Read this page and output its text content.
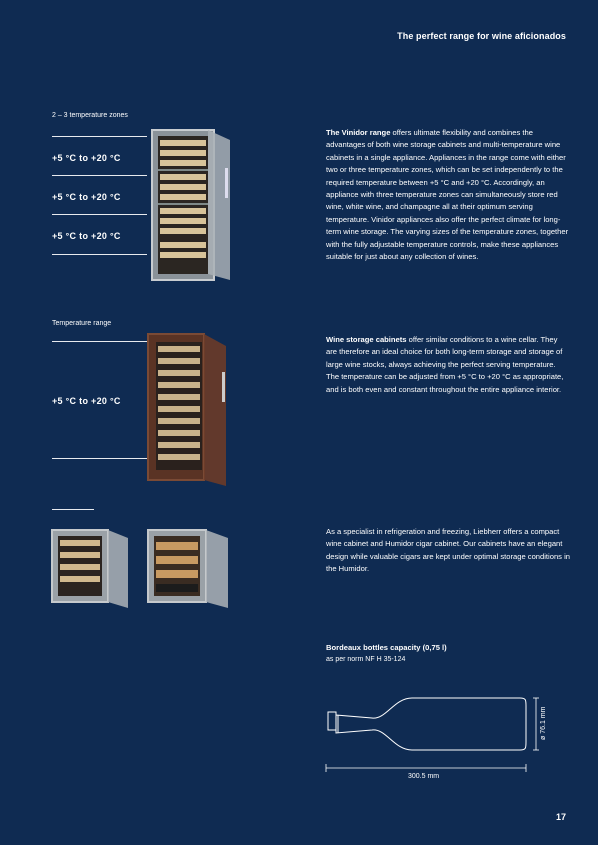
The perfect range for wine aficionados
2 – 3 temperature zones
+5 °C to +20 °C
+5 °C to +20 °C
+5 °C to +20 °C
The Vinidor range offers ultimate flexibility and combines the advantages of both wine storage cabinets and multi-temperature wine cabinets in a single appliance. Appliances in the range come with either two or three temperature zones, which can be set independently to the required temperature between +5 °C and +20 °C. Accordingly, an appliance with three temperature zones can simultaneously store red wine, white wine, and champagne all at their optimum serving temperature. Vinidor appliances also offer the perfect climate for long-term wine storage. The varying sizes of the temperature zones, together with the fully adjustable temperature controls, make these appliances suitable for just about any collection of wines.
Temperature range
+5 °C to +20 °C
Wine storage cabinets offer similar conditions to a wine cellar. They are therefore an ideal choice for both long-term storage and storage of large wine stocks, always achieving the perfect serving temperature. The temperature can be adjusted from +5 °C to +20 °C as appropriate, and is both even and constant throughout the entire appliance interior.
As a specialist in refrigeration and freezing, Liebherr offers a compact wine cabinet and Humidor cigar cabinet. Our cabinets have an elegant design while valuable cigars are kept under optimal storage conditions in the Humidor.
Bordeaux bottles capacity (0,75 l)
as per norm NF H 35-124
ø 76.1 mm
300.5 mm
17
